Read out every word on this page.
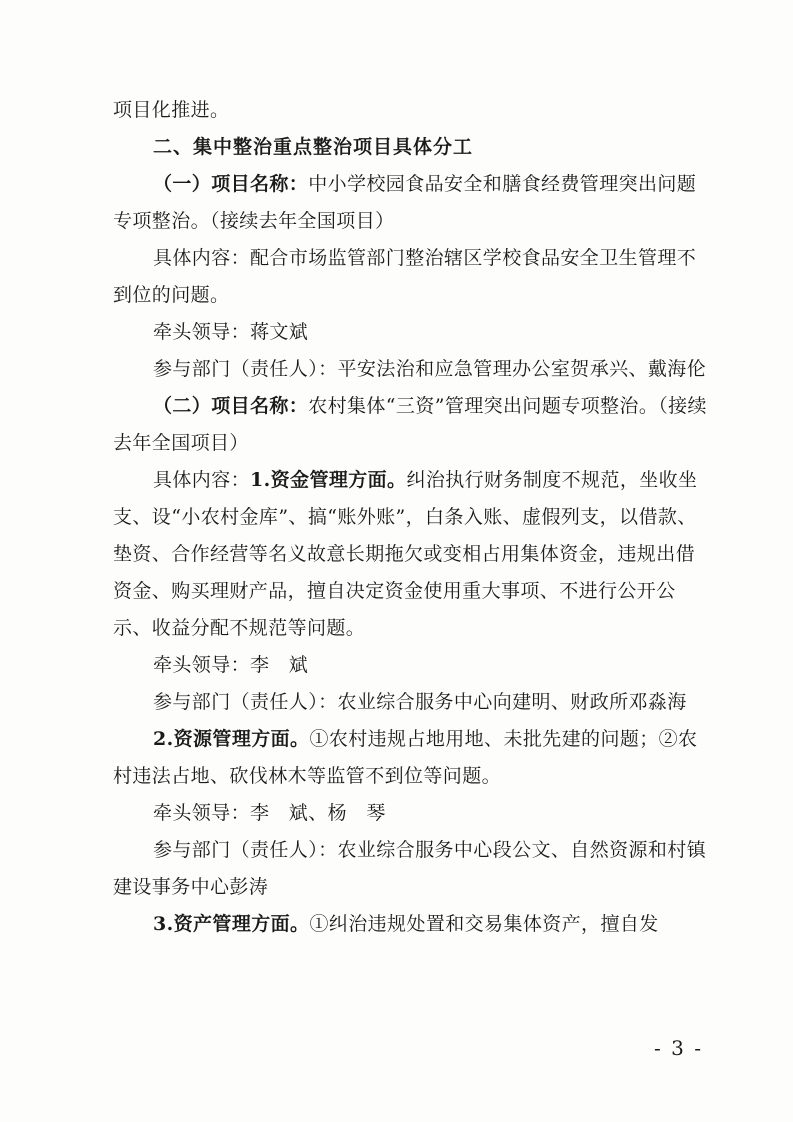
项目化推进。

二、集中整治重点整治项目具体分工

（一）项目名称：中小学校园食品安全和膳食经费管理突出问题专项整治。（接续去年全国项目）

具体内容：配合市场监管部门整治辖区学校食品安全卫生管理不到位的问题。

牵头领导：蒋文斌

参与部门（责任人）：平安法治和应急管理办公室贺承兴、戴海伦

（二）项目名称：农村集体“三资”管理突出问题专项整治。（接续去年全国项目）

具体内容：1.资金管理方面。纠治执行财务制度不规范，坐收坐支、设“小农村金库”、搞“账外账”，白条入账、虚假列支，以借款、垫资、合作经营等名义故意长期拖欠或变相占用集体资金，违规出借资金、购买理财产品，擅自决定资金使用重大事项、不进行公开公示、收益分配不规范等问题。

牵头领导：李　斌

参与部门（责任人）：农业综合服务中心向建明、财政所邓淼海

2.资源管理方面。①农村违规占地用地、未批先建的问题；②农村违法占地、砍伐林木等监管不到位等问题。

牵头领导：李　斌、杨　琴

参与部门（责任人）：农业综合服务中心段公文、自然资源和村镇建设事务中心彭涛

3.资产管理方面。①纠治违规处置和交易集体资产，擅自发

- 3 -
